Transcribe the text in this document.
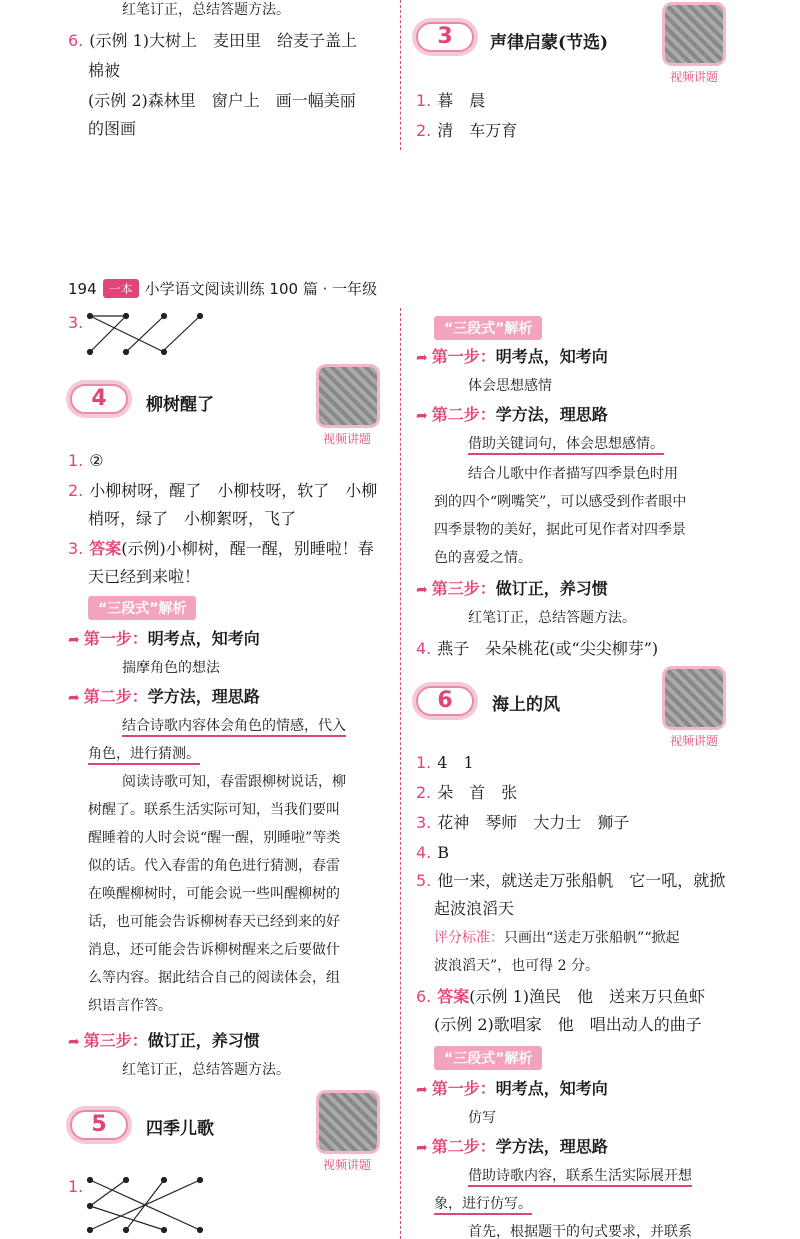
红笔订正，总结答题方法。
6. (示例 1)大树上　麦田里　给麦子盖上
棉被
(示例 2)森林里　窗户上　画一幅美丽
的图画
3	声律启蒙(节选)
视频讲题
1. 暮　晨
2. 清　车万育
194 一本 小学语文阅读训练 100 篇 · 一年级
3.
4	柳树醒了
视频讲题
1. ②
2. 小柳树呀，醒了　小柳枝呀，软了　小柳
梢呀，绿了　小柳絮呀，飞了
3. 答案(示例)小柳树，醒一醒，别睡啦！春
天已经到来啦！
“三段式”解析
➦ 第一步：明考点，知考向
揣摩角色的想法
➦ 第二步：学方法，理思路
结合诗歌内容体会角色的情感，代入
角色，进行猜测。
阅读诗歌可知，春雷跟柳树说话，柳
树醒了。联系生活实际可知，当我们要叫
醒睡着的人时会说“醒一醒，别睡啦”等类
似的话。代入春雷的角色进行猜测，春雷
在唤醒柳树时，可能会说一些叫醒柳树的
话，也可能会告诉柳树春天已经到来的好
消息，还可能会告诉柳树醒来之后要做什
么等内容。据此结合自己的阅读体会，组
织语言作答。
➦ 第三步：做订正，养习惯
红笔订正，总结答题方法。
5	四季儿歌
视频讲题
1.
“三段式”解析
➦ 第一步：明考点，知考向
体会思想感情
➦ 第二步：学方法，理思路
借助关键词句，体会思想感情。
结合儿歌中作者描写四季景色时用
到的四个“咧嘴笑”，可以感受到作者眼中
四季景物的美好，据此可见作者对四季景
色的喜爱之情。
➦ 第三步：做订正，养习惯
红笔订正，总结答题方法。
4. 燕子　朵朵桃花(或“尖尖柳芽”)
6	海上的风
视频讲题
1. 4　1
2. 朵　首　张
3. 花神　琴师　大力士　狮子
4. B
5. 他一来，就送走万张船帆　它一吼，就掀
起波浪滔天
评分标准：只画出“送走万张船帆”“掀起
波浪滔天”，也可得 2 分。
6. 答案(示例 1)渔民　他　送来万只鱼虾
(示例 2)歌唱家　他　唱出动人的曲子
“三段式”解析
➦ 第一步：明考点，知考向
仿写
➦ 第二步：学方法，理思路
借助诗歌内容，联系生活实际展开想
象，进行仿写。
首先，根据题干的句式要求，并联系
